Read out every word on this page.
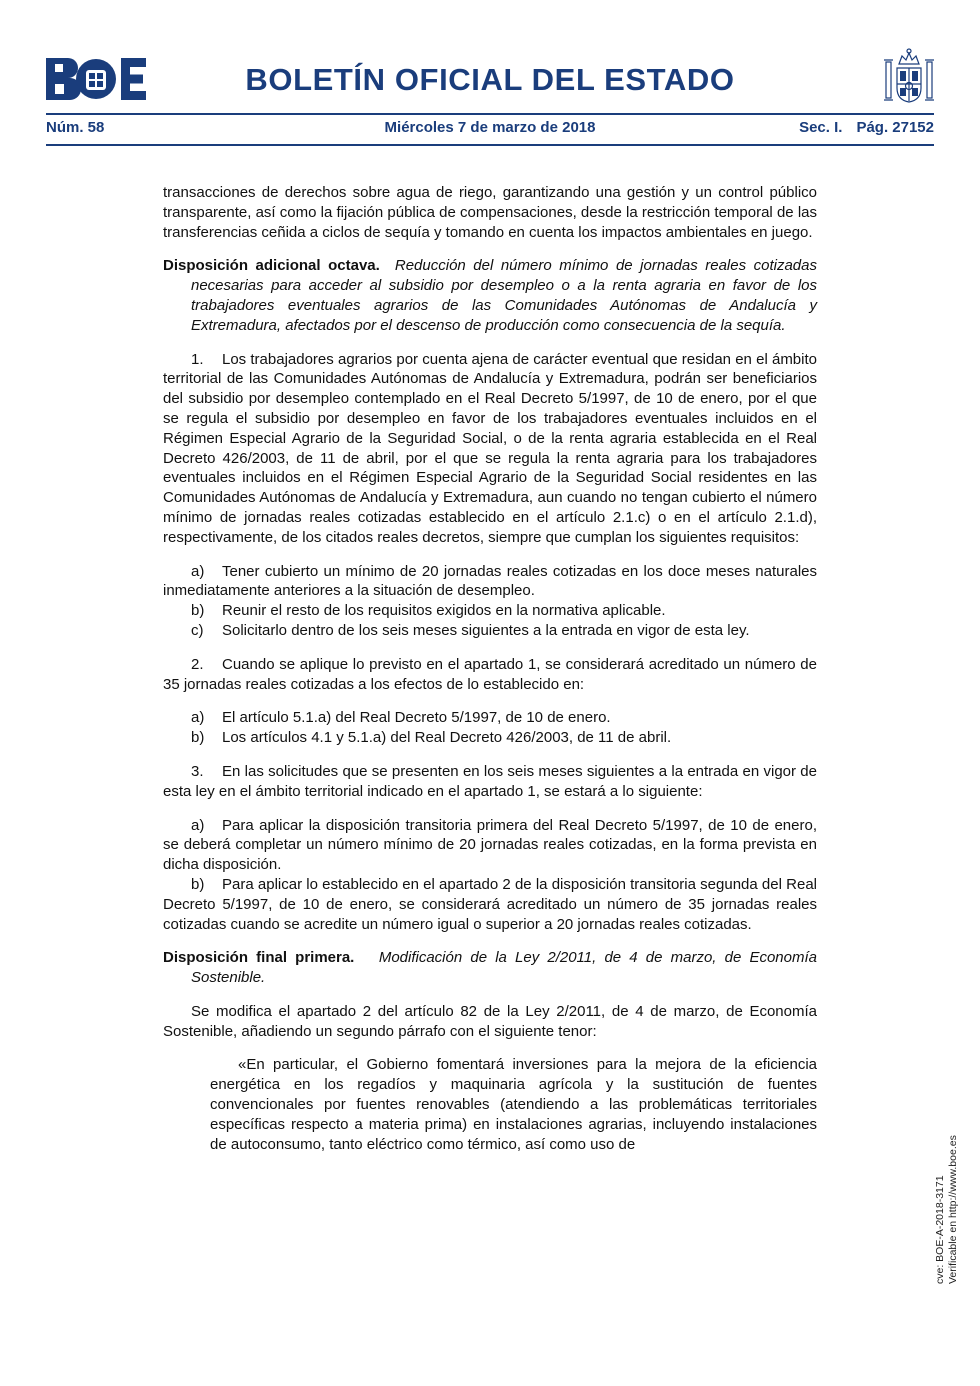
BOLETÍN OFICIAL DEL ESTADO
Núm. 58	Miércoles 7 de marzo de 2018	Sec. I. Pág. 27152

transacciones de derechos sobre agua de riego, garantizando una gestión y un control público transparente, así como la fijación pública de compensaciones, desde la restricción temporal de las transferencias ceñida a ciclos de sequía y tomando en cuenta los impactos ambientales en juego.

Disposición adicional octava. Reducción del número mínimo de jornadas reales cotizadas necesarias para acceder al subsidio por desempleo o a la renta agraria en favor de los trabajadores eventuales agrarios de las Comunidades Autónomas de Andalucía y Extremadura, afectados por el descenso de producción como consecuencia de la sequía.

1. Los trabajadores agrarios por cuenta ajena de carácter eventual que residan en el ámbito territorial de las Comunidades Autónomas de Andalucía y Extremadura, podrán ser beneficiarios del subsidio por desempleo contemplado en el Real Decreto 5/1997, de 10 de enero, por el que se regula el subsidio por desempleo en favor de los trabajadores eventuales incluidos en el Régimen Especial Agrario de la Seguridad Social, o de la renta agraria establecida en el Real Decreto 426/2003, de 11 de abril, por el que se regula la renta agraria para los trabajadores eventuales incluidos en el Régimen Especial Agrario de la Seguridad Social residentes en las Comunidades Autónomas de Andalucía y Extremadura, aun cuando no tengan cubierto el número mínimo de jornadas reales cotizadas establecido en el artículo 2.1.c) o en el artículo 2.1.d), respectivamente, de los citados reales decretos, siempre que cumplan los siguientes requisitos:

a) Tener cubierto un mínimo de 20 jornadas reales cotizadas en los doce meses naturales inmediatamente anteriores a la situación de desempleo.

b) Reunir el resto de los requisitos exigidos en la normativa aplicable.

c) Solicitarlo dentro de los seis meses siguientes a la entrada en vigor de esta ley.

2. Cuando se aplique lo previsto en el apartado 1, se considerará acreditado un número de 35 jornadas reales cotizadas a los efectos de lo establecido en:

a) El artículo 5.1.a) del Real Decreto 5/1997, de 10 de enero.

b) Los artículos 4.1 y 5.1.a) del Real Decreto 426/2003, de 11 de abril.

3. En las solicitudes que se presenten en los seis meses siguientes a la entrada en vigor de esta ley en el ámbito territorial indicado en el apartado 1, se estará a lo siguiente:

a) Para aplicar la disposición transitoria primera del Real Decreto 5/1997, de 10 de enero, se deberá completar un número mínimo de 20 jornadas reales cotizadas, en la forma prevista en dicha disposición.

b) Para aplicar lo establecido en el apartado 2 de la disposición transitoria segunda del Real Decreto 5/1997, de 10 de enero, se considerará acreditado un número de 35 jornadas reales cotizadas cuando se acredite un número igual o superior a 20 jornadas reales cotizadas.

Disposición final primera. Modificación de la Ley 2/2011, de 4 de marzo, de Economía Sostenible.

Se modifica el apartado 2 del artículo 82 de la Ley 2/2011, de 4 de marzo, de Economía Sostenible, añadiendo un segundo párrafo con el siguiente tenor:

«En particular, el Gobierno fomentará inversiones para la mejora de la eficiencia energética en los regadíos y maquinaria agrícola y la sustitución de fuentes convencionales por fuentes renovables (atendiendo a las problemáticas territoriales específicas respecto a materia prima) en instalaciones agrarias, incluyendo instalaciones de autoconsumo, tanto eléctrico como térmico, así como uso de

cve: BOE-A-2018-3171 Verificable en http://www.boe.es
